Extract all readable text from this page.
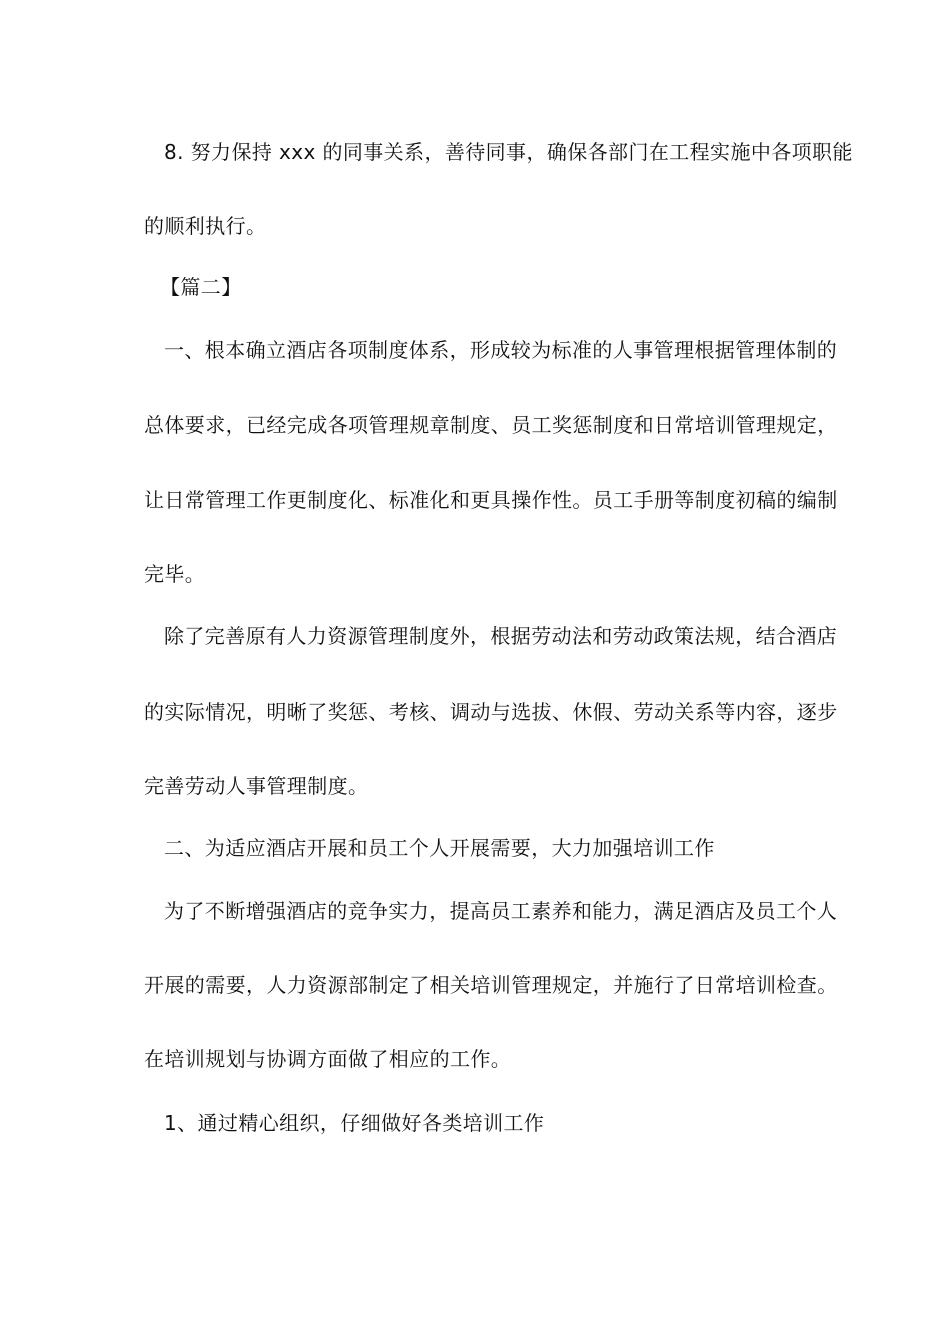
8. 努力保持 xxx 的同事关系，善待同事，确保各部门在工程实施中各项职能
的顺利执行。
【篇二】
一、根本确立酒店各项制度体系，形成较为标准的人事管理根据管理体制的
总体要求，已经完成各项管理规章制度、员工奖惩制度和日常培训管理规定，
让日常管理工作更制度化、标准化和更具操作性。员工手册等制度初稿的编制
完毕。
除了完善原有人力资源管理制度外，根据劳动法和劳动政策法规，结合酒店
的实际情况，明晰了奖惩、考核、调动与选拔、休假、劳动关系等内容，逐步
完善劳动人事管理制度。
二、为适应酒店开展和员工个人开展需要，大力加强培训工作
为了不断增强酒店的竞争实力，提高员工素养和能力，满足酒店及员工个人
开展的需要，人力资源部制定了相关培训管理规定，并施行了日常培训检查。
在培训规划与协调方面做了相应的工作。
1、通过精心组织，仔细做好各类培训工作
